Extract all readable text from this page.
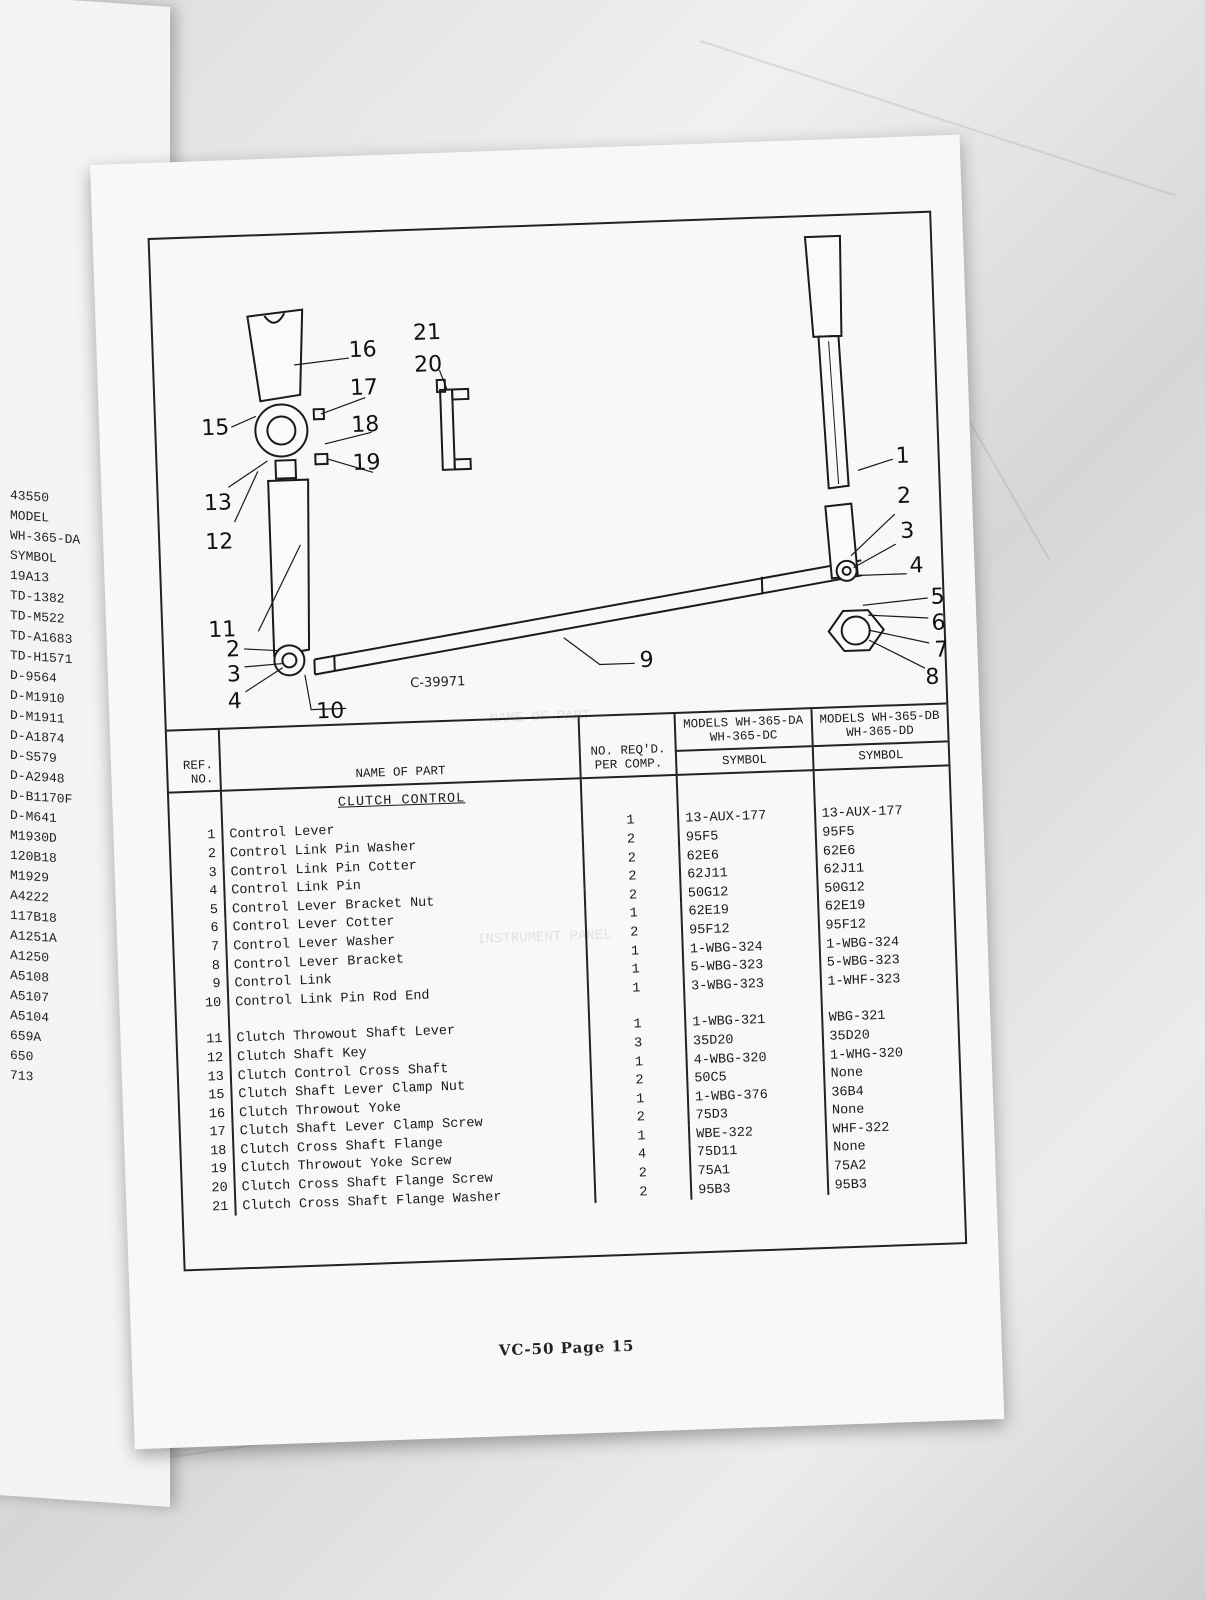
43550
MODEL
WH-365-DA
SYMBOL
19A13
TD-1382
TD-M522
TD-A1683
TD-H1571
D-9564
D-M1910
D-M1911
D-A1874
D-S579
D-A2948
D-B1170F
D-M641
M1930D
120B18
M1929
A4222
117B18
A1251A
A1250
A5108
A5107
A5104
659A
650
713
NAME OF PART
INSTRUMENT PANEL
16
17
18
19
21
20
15
13
12
11
2
3
4	10
9
1
2
3
4
5
6
7
8
C-39971
REF. NO.	NAME OF PART	NO. REQ'D. PER COMP.	MODELS WH-365-DA WH-365-DC	MODELS WH-365-DB WH-365-DD
			SYMBOL	SYMBOL
	CLUTCH CONTROL			
1	Control Lever	1	13-AUX-177	13-AUX-177
2	Control Link Pin Washer	2	95F5	95F5
3	Control Link Pin Cotter	2	62E6	62E6
4	Control Link Pin	2	62J11	62J11
5	Control Lever Bracket Nut	2	50G12	50G12
6	Control Lever Cotter	1	62E19	62E19
7	Control Lever Washer	2	95F12	95F12
8	Control Lever Bracket	1	1-WBG-324	1-WBG-324
9	Control Link	1	5-WBG-323	5-WBG-323
10	Control Link Pin Rod End	1	3-WBG-323	1-WHF-323

11	Clutch Throwout Shaft Lever	1	1-WBG-321	WBG-321
12	Clutch Shaft Key	3	35D20	35D20
13	Clutch Control Cross Shaft	1	4-WBG-320	1-WHG-320
15	Clutch Shaft Lever Clamp Nut	2	50C5	None
16	Clutch Throwout Yoke	1	1-WBG-376	36B4
17	Clutch Shaft Lever Clamp Screw	2	75D3	None
18	Clutch Cross Shaft Flange	1	WBE-322	WHF-322
19	Clutch Throwout Yoke Screw	4	75D11	None
20	Clutch Cross Shaft Flange Screw	2	75A1	75A2
21	Clutch Cross Shaft Flange Washer	2	95B3	95B3
VC-50 Page 15
